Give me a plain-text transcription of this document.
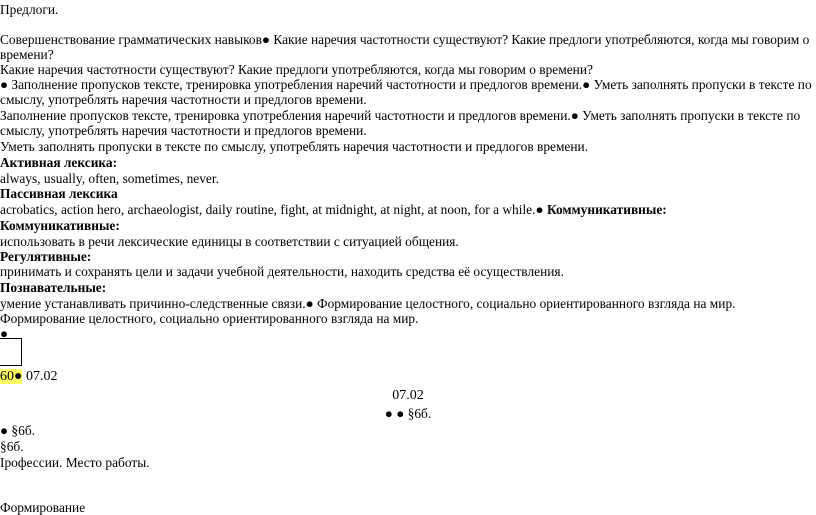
Предлоги.
Совершенствование грамматических навыков● Какие наречия частотности существуют? Какие предлоги употребляются, когда мы говорим о времени?
Какие наречия частотности существуют? Какие предлоги употребляются, когда мы говорим о времени?
● Заполнение пропусков тексте, тренировка употребления наречий частотности и предлогов времени.● Уметь заполнять пропуски в тексте по смыслу, употреблять наречия частотности и предлогов времени.
Заполнение пропусков тексте, тренировка употребления наречий частотности и предлогов времени.● Уметь заполнять пропуски в тексте по смыслу, употреблять наречия частотности и предлогов времени.
Уметь заполнять пропуски в тексте по смыслу, употреблять наречия частотности и предлогов времени.
Активная лексика:
always, usually, often, sometimes, never.
Пассивная лексика
acrobatics, action hero, archaeologist, daily routine, fight, at midnight, at night, at noon, for a while.● Коммуникативные:
Коммуникативные:
использовать в речи лексические единицы в соответствии с ситуацией общения.
Регулятивные:
принимать и сохранять цели и задачи учебной деятельности, находить средства её осуществления.
Познавательные:
умение устанавливать причинно-следственные связи.● Формирование целостного, социально ориентированного взгляда на мир.
Формирование целостного, социально ориентированного взгляда на мир.
●
60● 07.02
07.02
● ● §6б.
● §6б.
§6б.
Ірофессии. Место работы.
Формирование
